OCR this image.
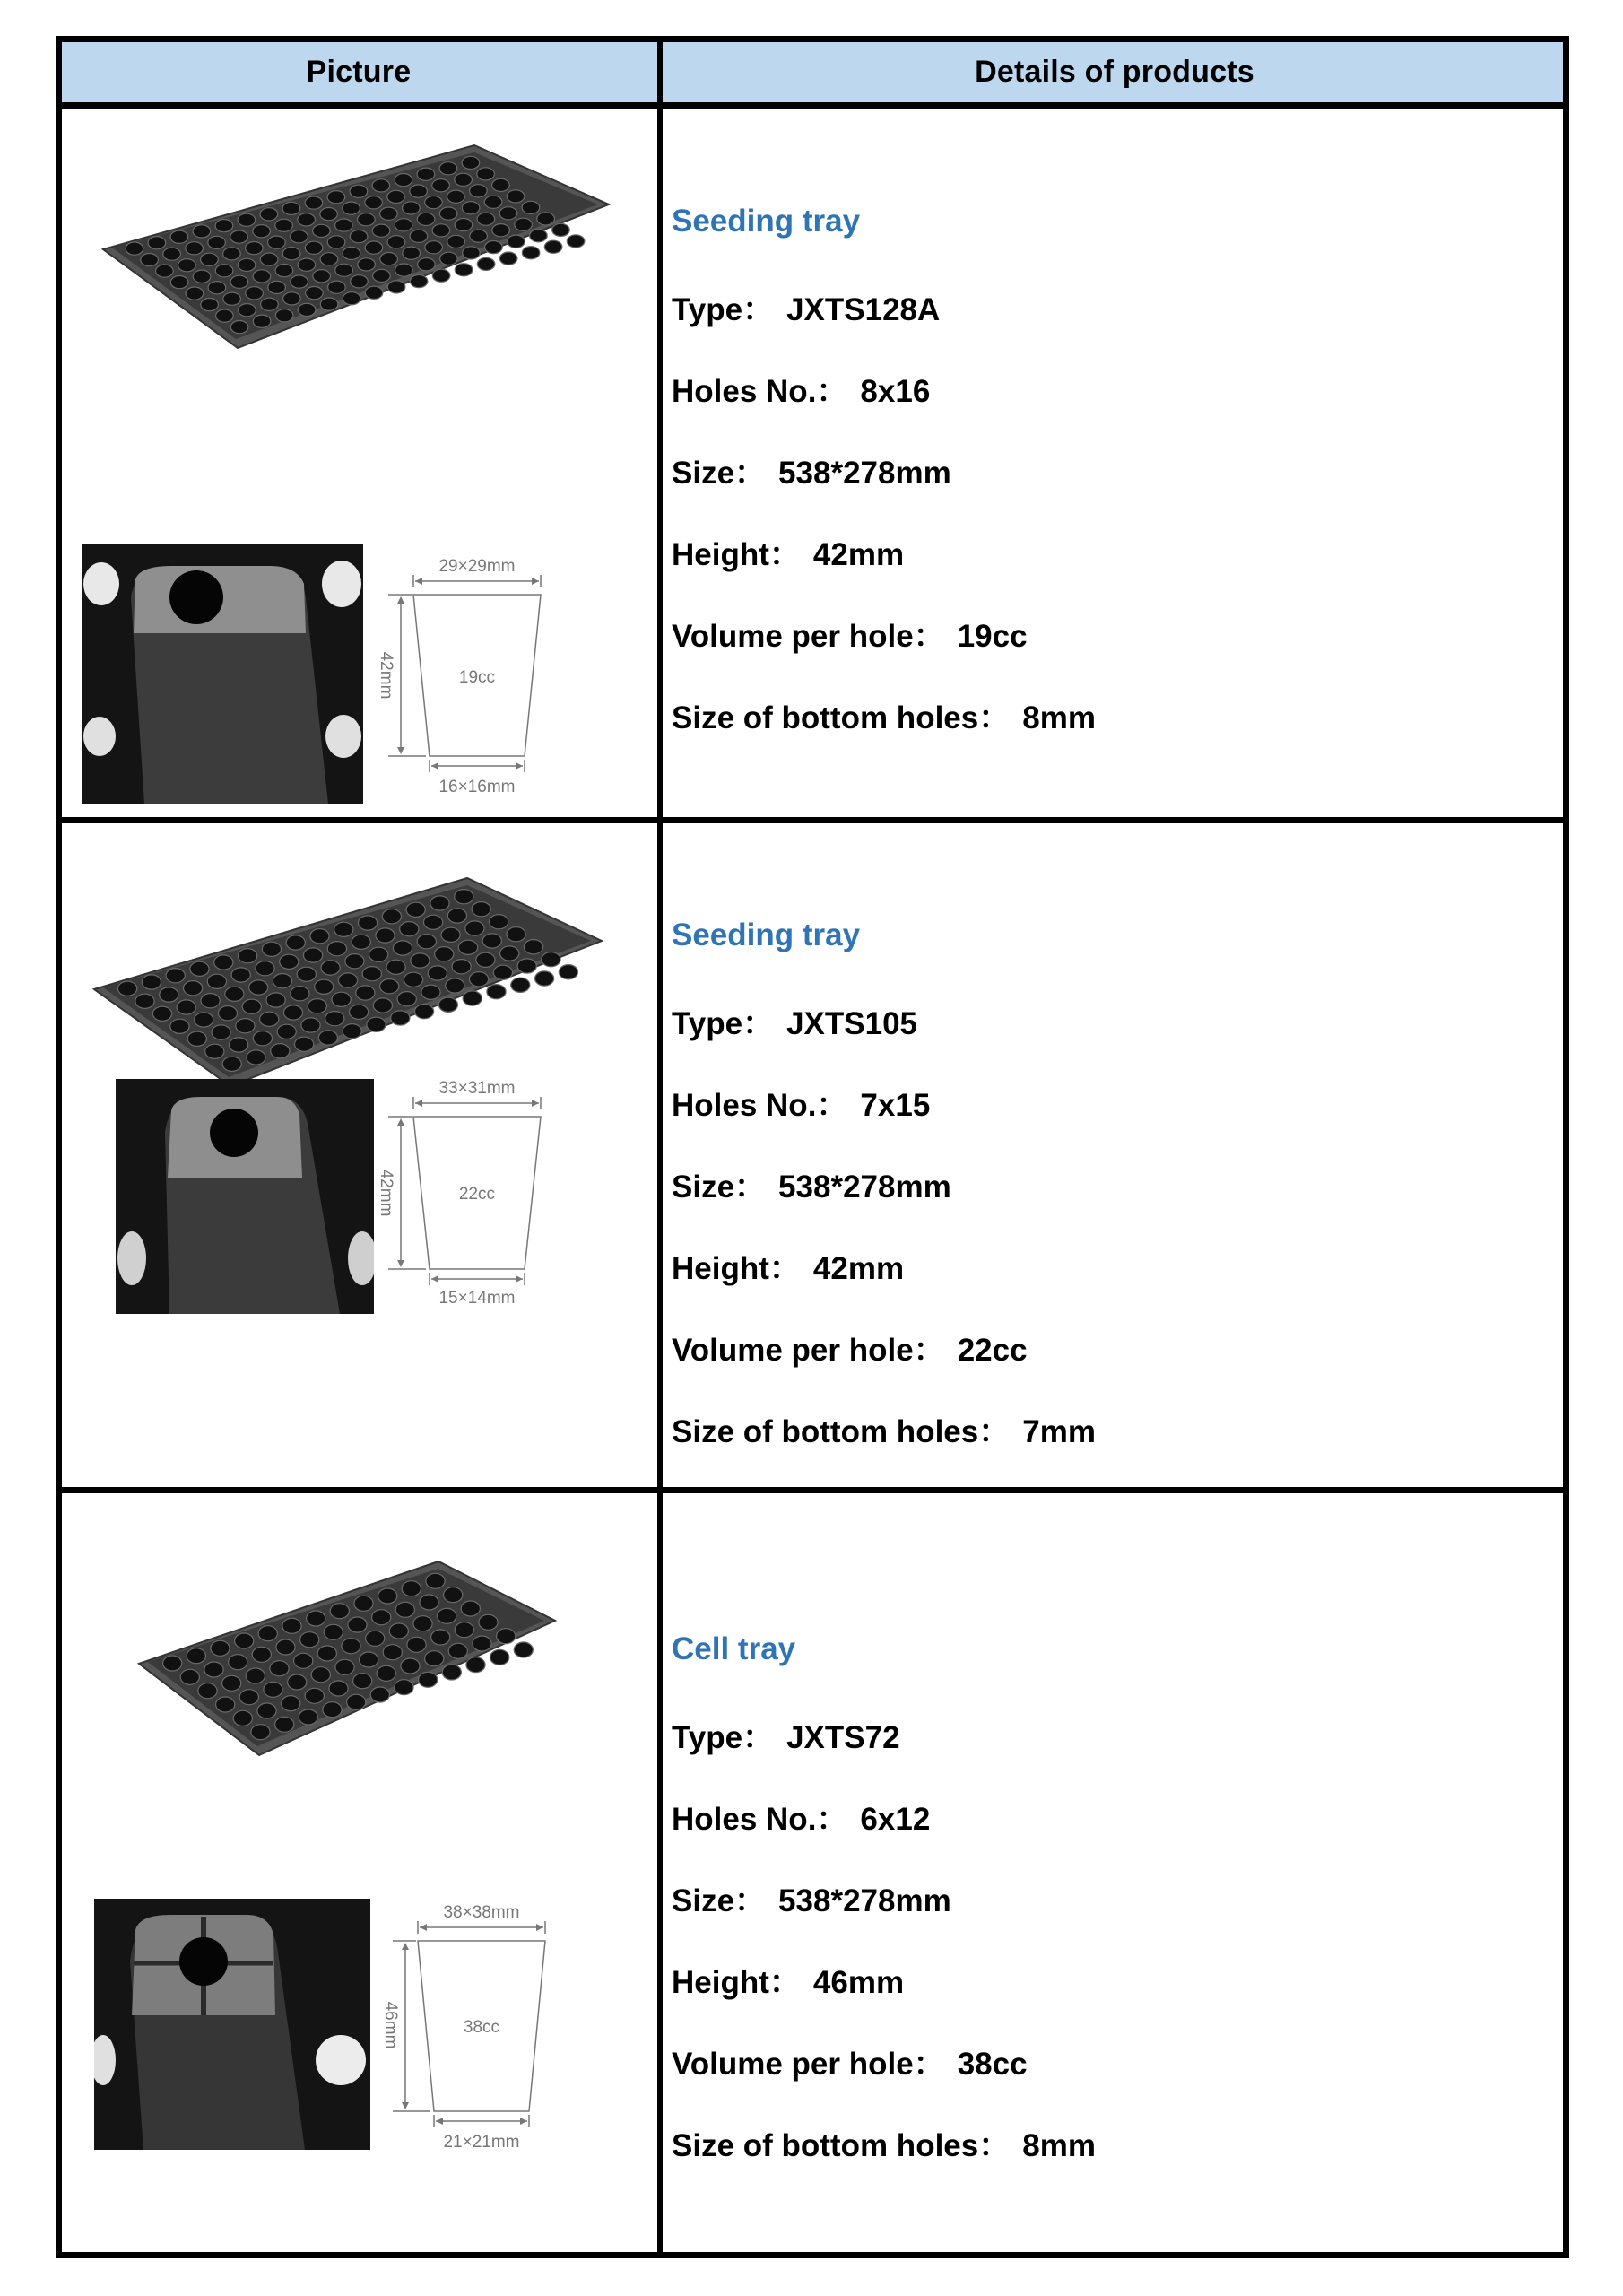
Picture	Details of products
29×29mm
19cc
16×16mm
42mm
Seeding tray
Type： JXTS128A
Holes No.： 8x16
Size： 538*278mm
Height： 42mm
Volume per hole： 19cc
Size of bottom holes： 8mm
33×31mm
22cc
15×14mm
42mm
Seeding tray
Type： JXTS105
Holes No.： 7x15
Size： 538*278mm
Height： 42mm
Volume per hole： 22cc
Size of bottom holes： 7mm
38×38mm
38cc
21×21mm
46mm
Cell tray
Type： JXTS72
Holes No.： 6x12
Size： 538*278mm
Height： 46mm
Volume per hole： 38cc
Size of bottom holes： 8mm
